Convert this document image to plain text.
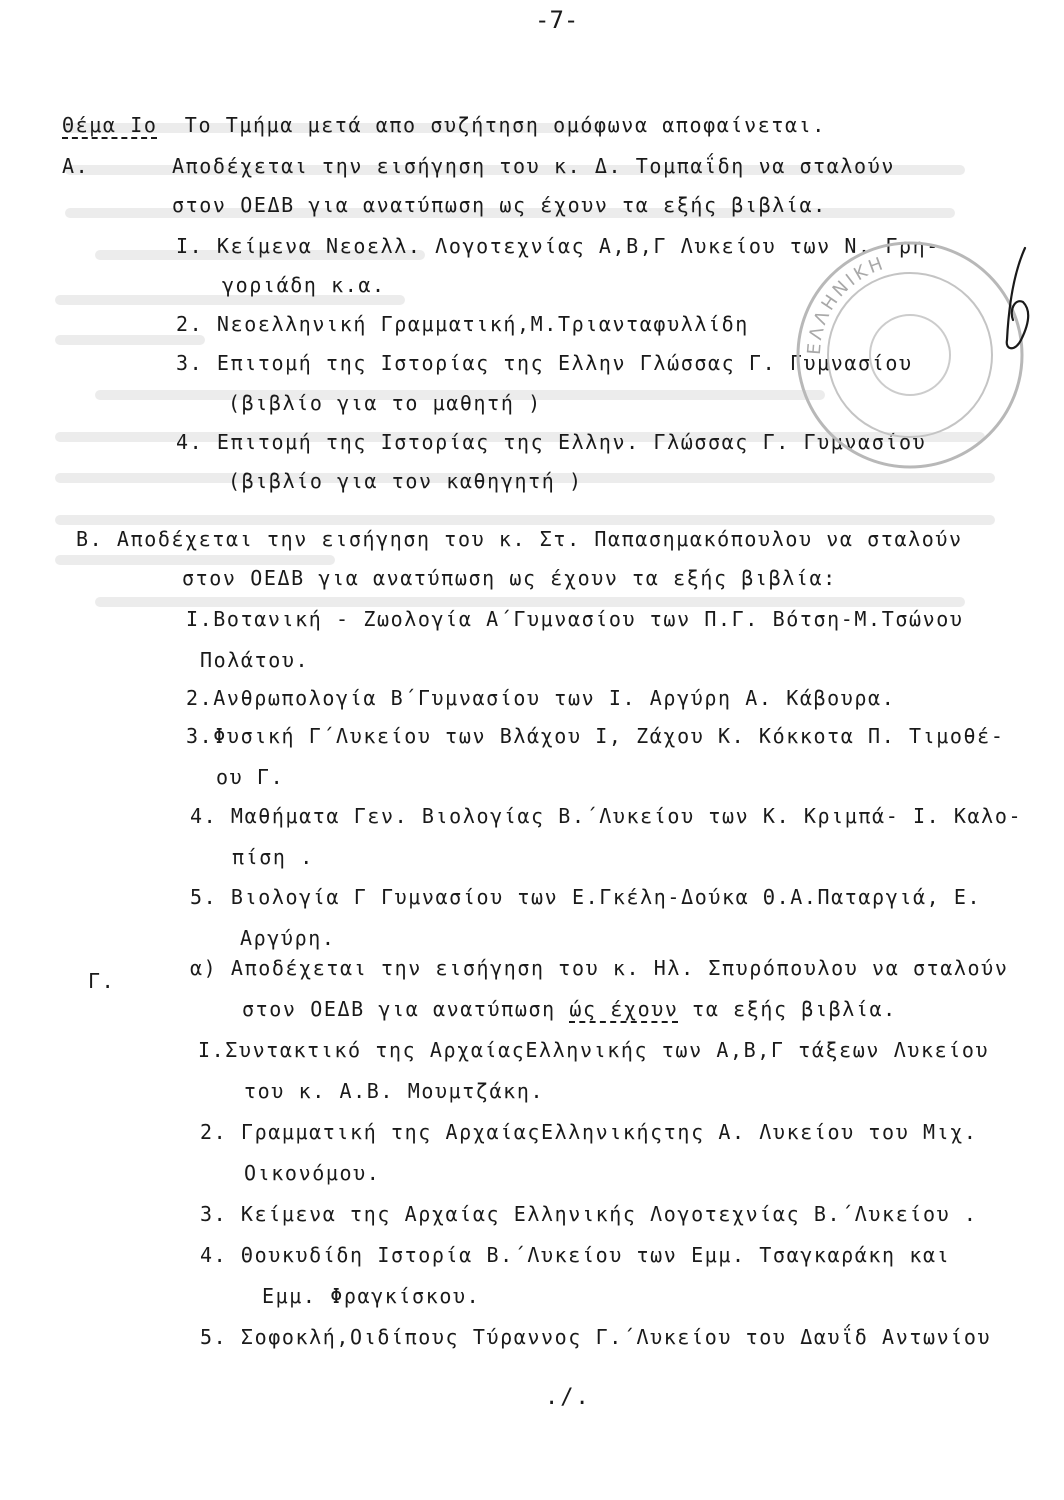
-7-
Θέμα Ιο Το Τμήμα μετά απο συζήτηση ομόφωνα αποφαίνεται.
Α.	Αποδέχεται την εισήγηση του κ. Δ. Τομπαΐδη να σταλούν
στον ΟΕΔΒ για ανατύπωση ως έχουν τα εξής βιβλία.
Ι. Κείμενα Νεοελλ. Λογοτεχνίας Α,Β,Γ Λυκείου των Ν. Γρη-
γοριάδη κ.α.
2. Νεοελληνική Γραμματική,Μ.Τριανταφυλλίδη
3. Επιτομή της Ιστορίας της Ελλην Γλώσσας Γ. Γυμνασίου
(βιβλίο για το μαθητή )
4. Επιτομή της Ιστορίας της Ελλην. Γλώσσας Γ. Γυμνασίου
(βιβλίο για τον καθηγητή )
Β. Αποδέχεται την εισήγηση του κ. Στ. Παπασημακόπουλου να σταλούν
στον ΟΕΔΒ για ανατύπωση ως έχουν τα εξής βιβλία:
Ι.Βοτανική - Ζωολογία Α΄Γυμνασίου των Π.Γ. Βότση-Μ.Τσώνου
Πολάτου.
2.Ανθρωπολογία Β΄Γυμνασίου των Ι. Αργύρη Α. Κάβουρα.
3.Φυσική Γ΄Λυκείου των Βλάχου Ι, Ζάχου Κ. Κόκκοτα Π. Τιμοθέ-
ου Γ.
4. Μαθήματα Γεν. Βιολογίας Β.΄Λυκείου των Κ. Κριμπά- Ι. Καλο-
πίση .
5. Βιολογία Γ Γυμνασίου των Ε.Γκέλη-Δούκα Θ.Α.Παταργιά, Ε.
Αργύρη.
Γ.
α) Αποδέχεται την εισήγηση του κ. Ηλ. Σπυρόπουλου να σταλούν
στον ΟΕΔΒ για ανατύπωση ώς έχουν τα εξής βιβλία.
Ι.Συντακτικό της ΑρχαίαςΕλληνικής των Α,Β,Γ τάξεων Λυκείου
του κ. Α.Β. Μουμτζάκη.
2. Γραμματική της ΑρχαίαςΕλληνικήςτης Α. Λυκείου του Μιχ.
Οικονόμου.
3. Κείμενα της Αρχαίας Ελληνικής Λογοτεχνίας Β.΄Λυκείου .
4. Θουκυδίδη Ιστορία Β.΄Λυκείου των Εμμ. Τσαγκαράκη και
Εμμ. Φραγκίσκου.
5. Σοφοκλή,Οιδίπους Τύραννος Γ.΄Λυκείου του Δαυΐδ Αντωνίου
./.
ΕΛΛΗΝΙΚΗ
